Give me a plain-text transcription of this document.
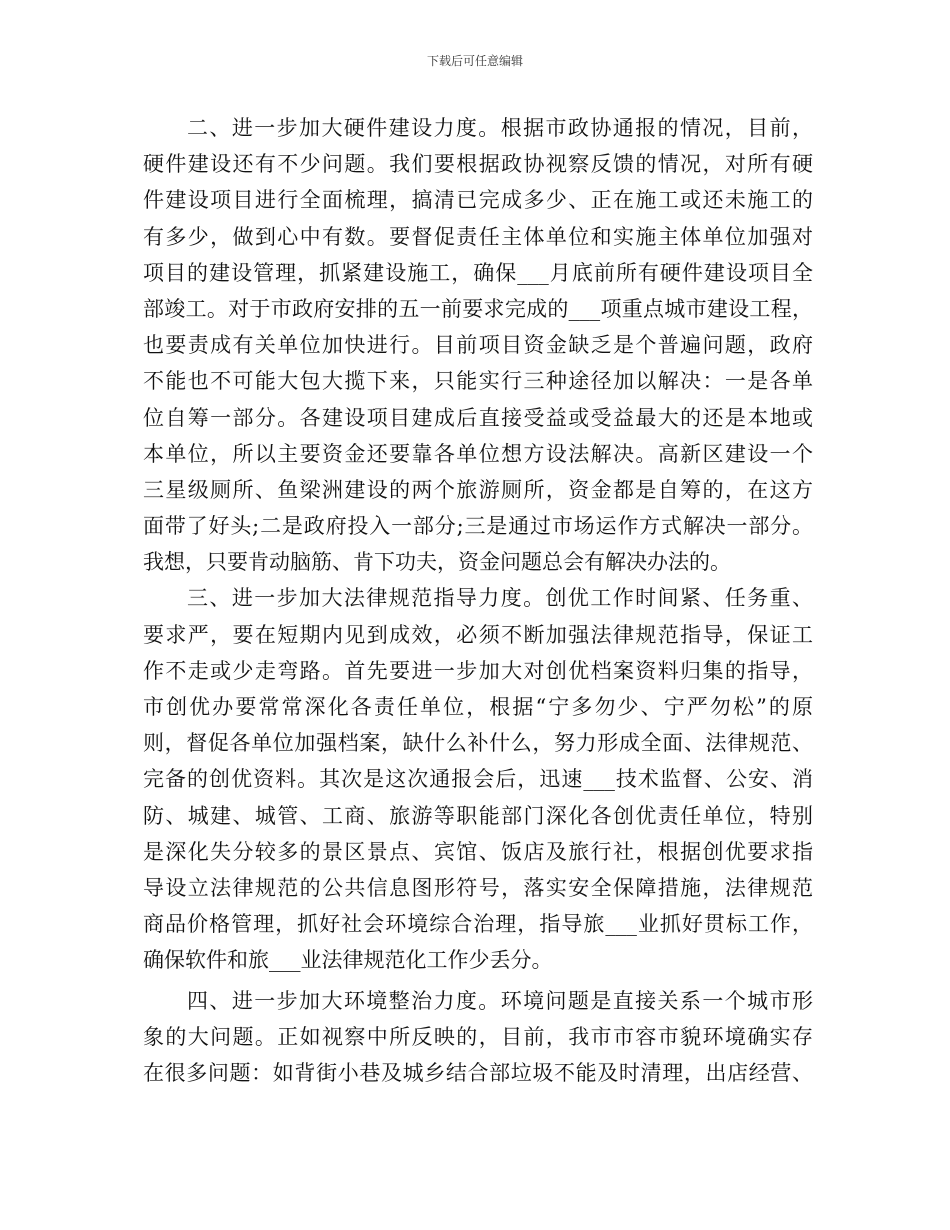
下载后可任意编辑
二、进一步加大硬件建设力度。根据市政协通报的情况，目前，
硬件建设还有不少问题。我们要根据政协视察反馈的情况，对所有硬
件建设项目进行全面梳理，搞清已完成多少、正在施工或还未施工的
有多少，做到心中有数。要督促责任主体单位和实施主体单位加强对
项目的建设管理，抓紧建设施工，确保___月底前所有硬件建设项目全
部竣工。对于市政府安排的五一前要求完成的___项重点城市建设工程，
也要责成有关单位加快进行。目前项目资金缺乏是个普遍问题，政府
不能也不可能大包大揽下来，只能实行三种途径加以解决：一是各单
位自筹一部分。各建设项目建成后直接受益或受益最大的还是本地或
本单位，所以主要资金还要靠各单位想方设法解决。高新区建设一个
三星级厕所、鱼梁洲建设的两个旅游厕所，资金都是自筹的，在这方
面带了好头;二是政府投入一部分;三是通过市场运作方式解决一部分。
我想，只要肯动脑筋、肯下功夫，资金问题总会有解决办法的。
三、进一步加大法律规范指导力度。创优工作时间紧、任务重、
要求严，要在短期内见到成效，必须不断加强法律规范指导，保证工
作不走或少走弯路。首先要进一步加大对创优档案资料归集的指导，
市创优办要常常深化各责任单位，根据“宁多勿少、宁严勿松”的原
则，督促各单位加强档案，缺什么补什么，努力形成全面、法律规范、
完备的创优资料。其次是这次通报会后，迅速___技术监督、公安、消
防、城建、城管、工商、旅游等职能部门深化各创优责任单位，特别
是深化失分较多的景区景点、宾馆、饭店及旅行社，根据创优要求指
导设立法律规范的公共信息图形符号，落实安全保障措施，法律规范
商品价格管理，抓好社会环境综合治理，指导旅___业抓好贯标工作，
确保软件和旅___业法律规范化工作少丢分。
四、进一步加大环境整治力度。环境问题是直接关系一个城市形
象的大问题。正如视察中所反映的，目前，我市市容市貌环境确实存
在很多问题：如背街小巷及城乡结合部垃圾不能及时清理，出店经营、
